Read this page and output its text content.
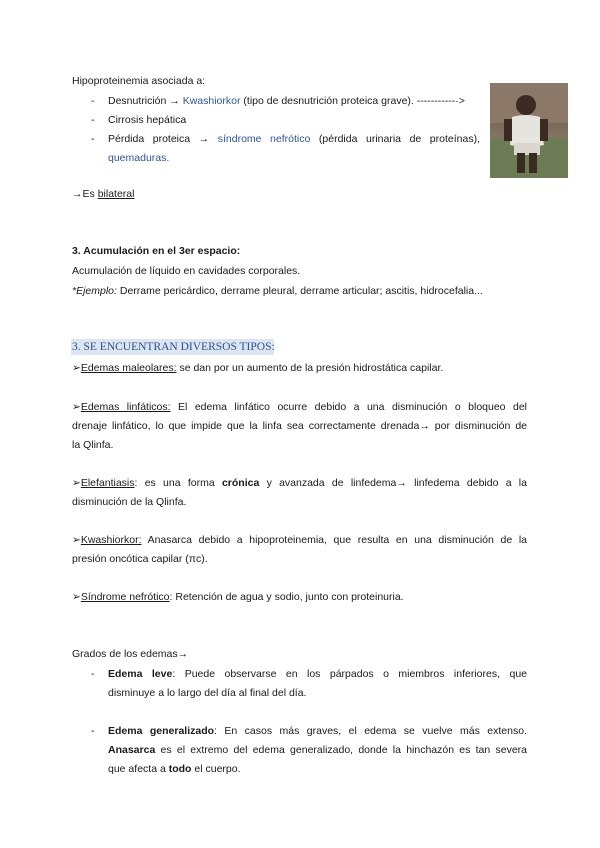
Hipoproteinemia asociada a:
- Desnutrición → Kwashiorkor (tipo de desnutrición proteica grave). -----------·>
- Cirrosis hepática
- Pérdida proteica → síndrome nefrótico (pérdida urinaria de proteínas),
quemaduras.
→Es bilateral
3. Acumulación en el 3er espacio:
Acumulación de líquido en cavidades corporales.
*Ejemplo: Derrame pericárdico, derrame pleural, derrame articular; ascitis, hidrocefalia...
3. SE ENCUENTRAN DIVERSOS TIPOS:
➢Edemas maleolares: se dan por un aumento de la presión hidrostática capilar.
➢Edemas linfáticos: El edema linfático ocurre debido a una disminución o bloqueo del
drenaje linfático, lo que impide que la linfa sea correctamente drenada→ por disminución de
la Qlinfa.
➢Elefantiasis: es una forma crónica y avanzada de linfedema→ linfedema debido a la
disminución de la Qlinfa.
➢Kwashiorkor: Anasarca debido a hipoproteinemia, que resulta en una disminución de la
presión oncótica capilar (πc).
➢Síndrome nefrótico: Retención de agua y sodio, junto con proteinuria.
Grados de los edemas→
- Edema leve: Puede observarse en los párpados o miembros inferiores, que
disminuye a lo largo del día al final del día.
- Edema generalizado: En casos más graves, el edema se vuelve más extenso.
Anasarca es el extremo del edema generalizado, donde la hinchazón es tan severa
que afecta a todo el cuerpo.
